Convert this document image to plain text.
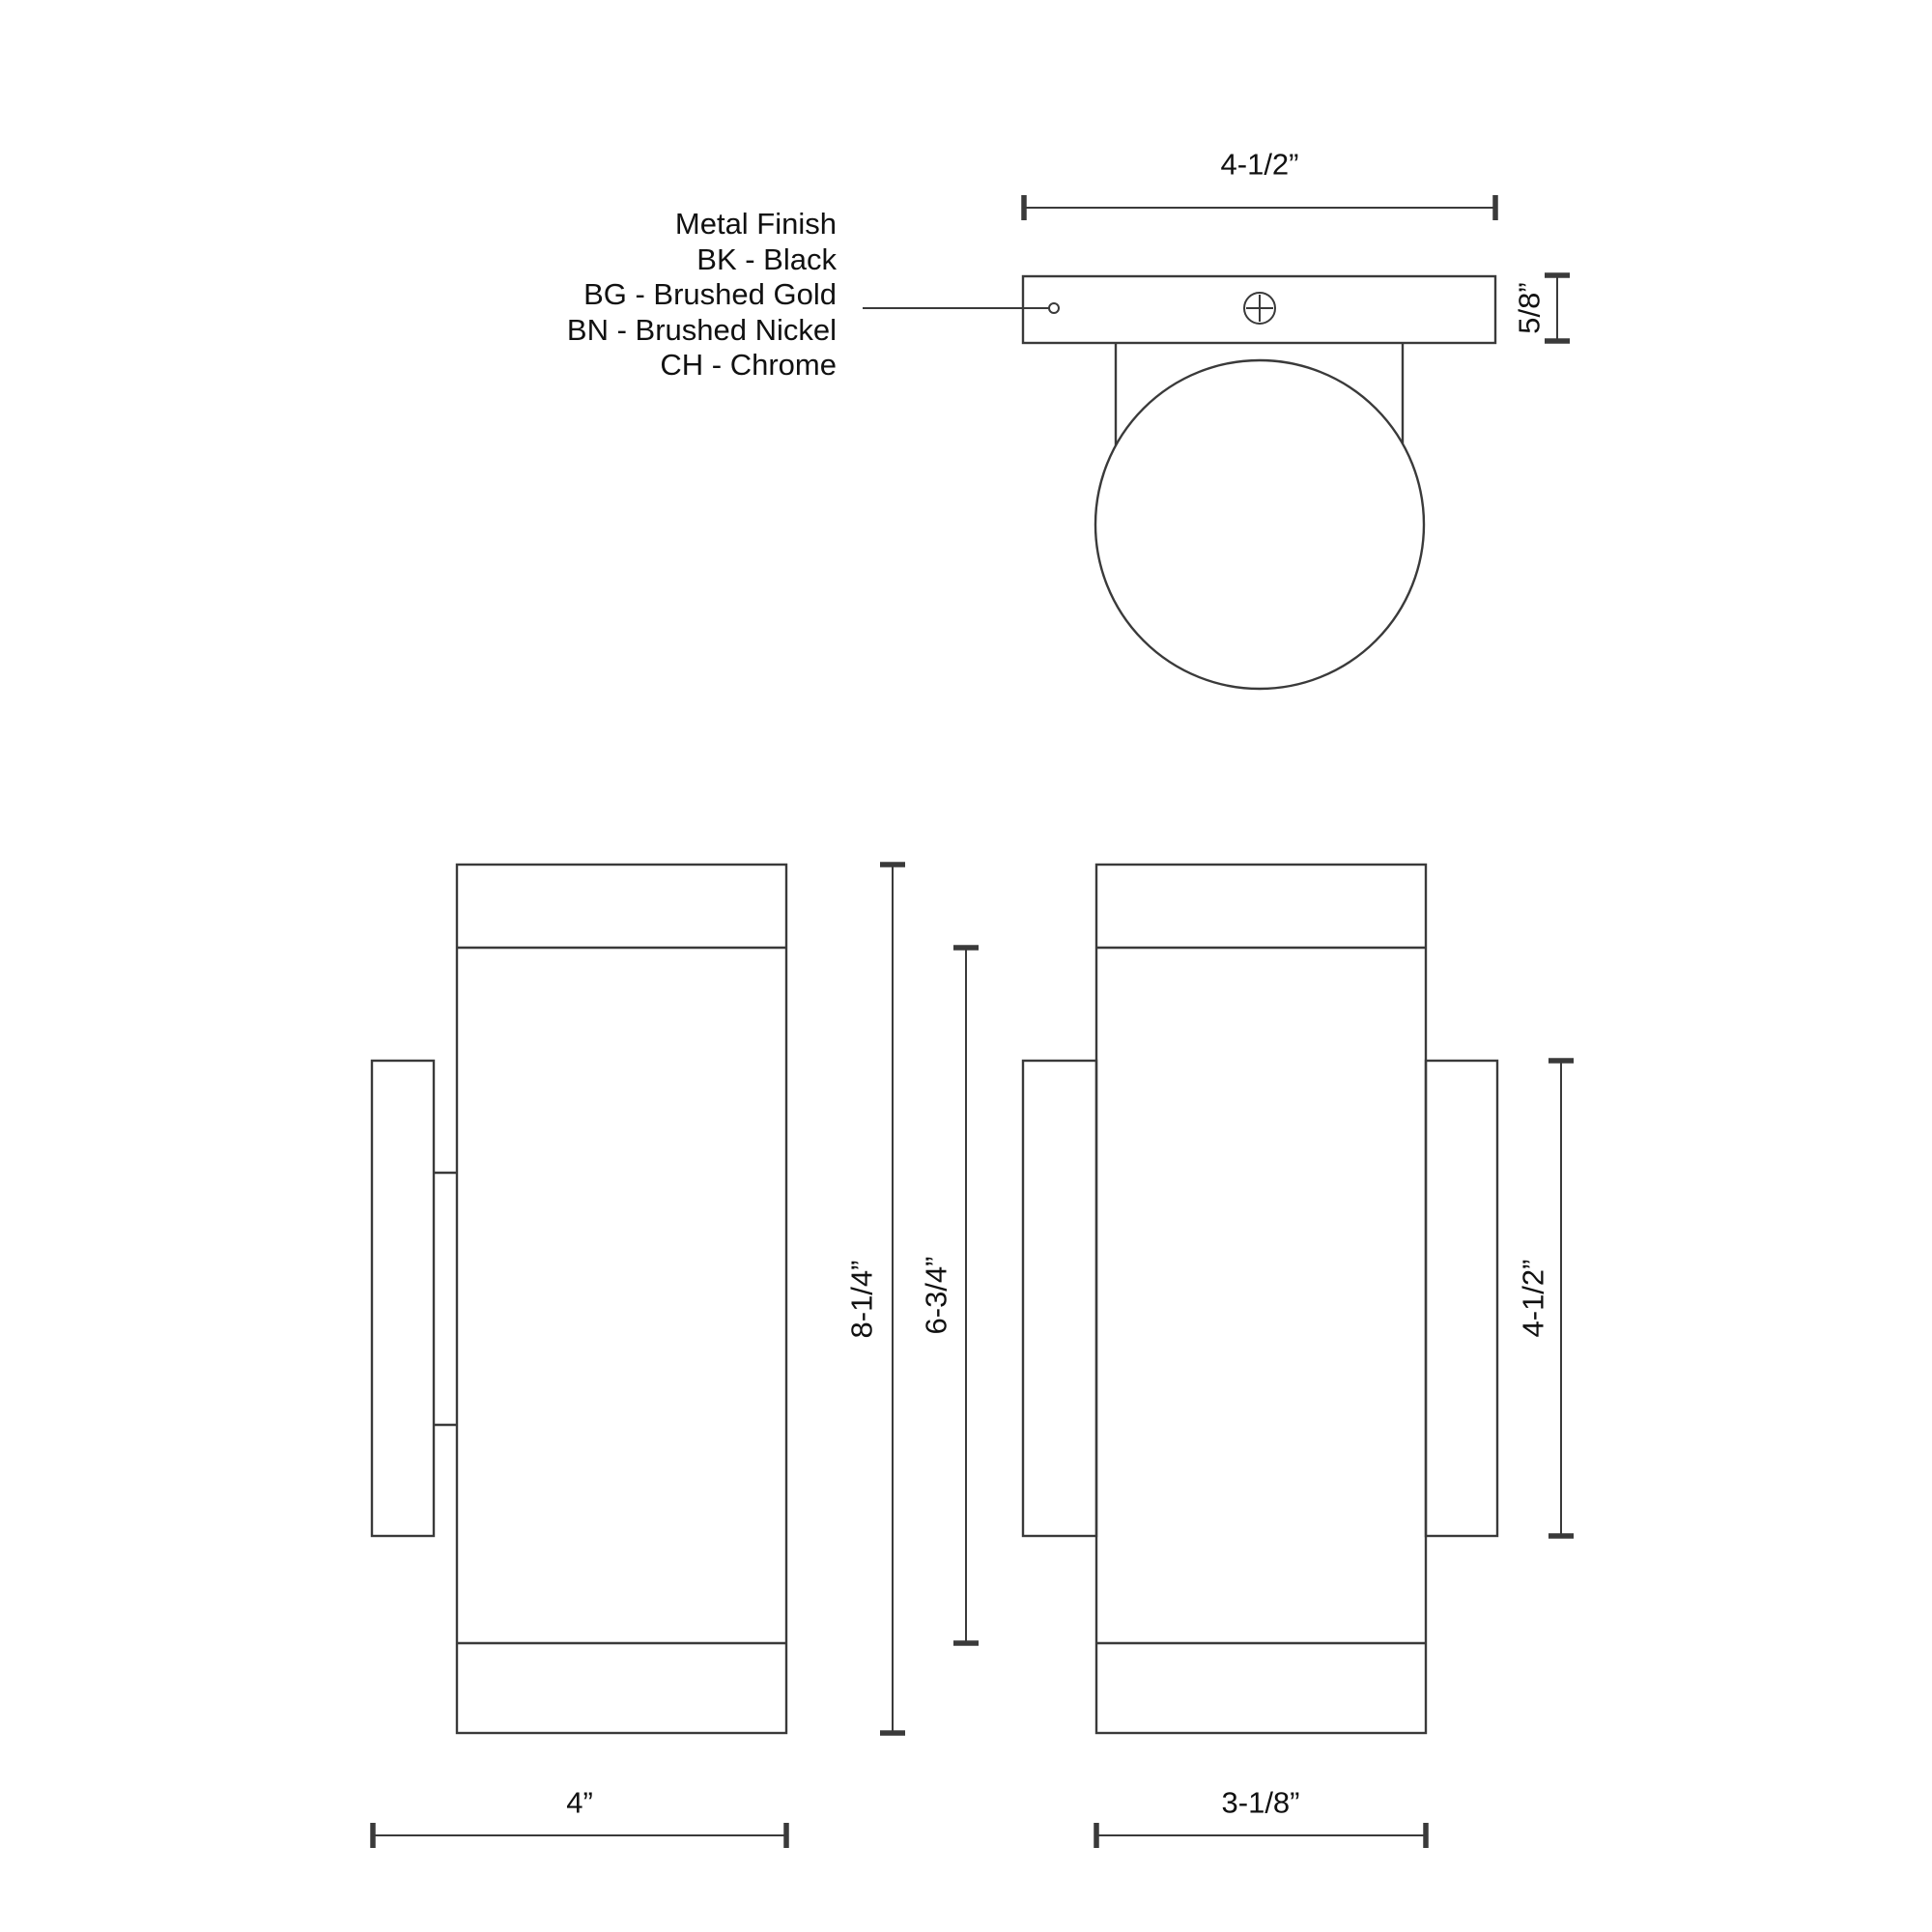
Metal Finish
BK - Black
BG - Brushed Gold
BN - Brushed Nickel
CH - Chrome
4-1/2”
5/8”
8-1/4” 6-3/4”	4-1/2”
4”	3-1/8”
